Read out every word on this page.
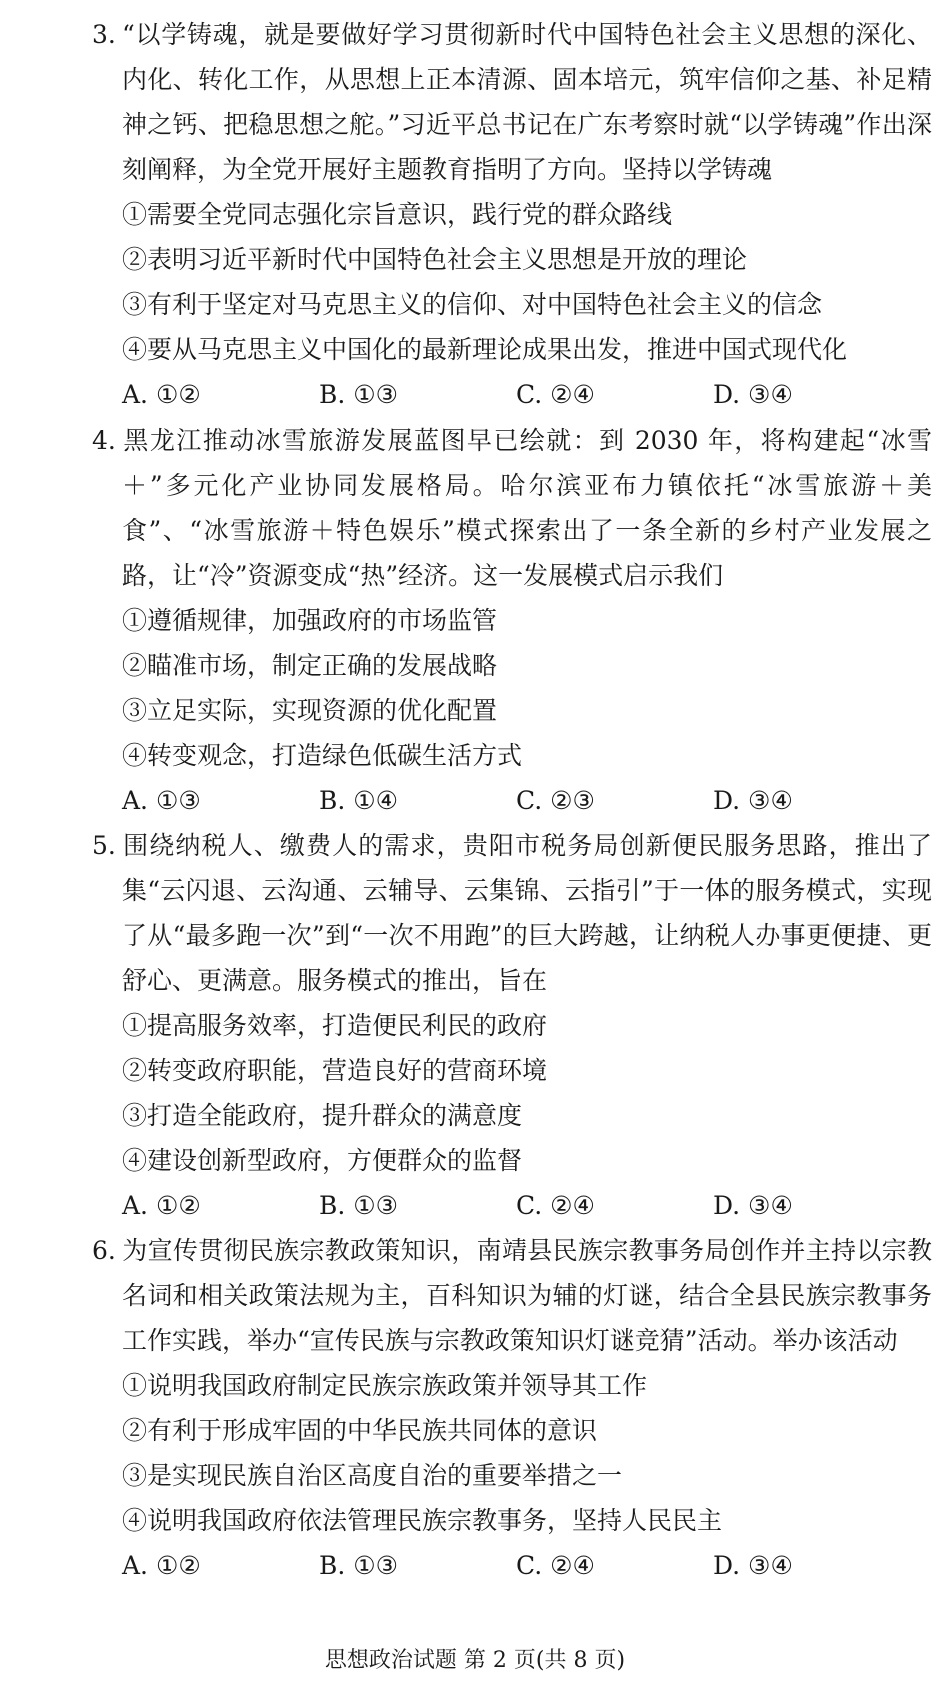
3. “以学铸魂，就是要做好学习贯彻新时代中国特色社会主义思想的深化、内化、转化工作，从思想上正本清源、固本培元，筑牢信仰之基、补足精神之钙、把稳思想之舵。”习近平总书记在广东考察时就“以学铸魂”作出深刻阐释，为全党开展好主题教育指明了方向。坚持以学铸魂

①需要全党同志强化宗旨意识，践行党的群众路线

②表明习近平新时代中国特色社会主义思想是开放的理论

③有利于坚定对马克思主义的信仰、对中国特色社会主义的信念

④要从马克思主义中国化的最新理论成果出发，推进中国式现代化

A. ①②	B. ①③	C. ②④	D. ③④

4. 黑龙江推动冰雪旅游发展蓝图早已绘就：到 2030 年，将构建起“冰雪＋”多元化产业协同发展格局。哈尔滨亚布力镇依托“冰雪旅游＋美食”、“冰雪旅游＋特色娱乐”模式探索出了一条全新的乡村产业发展之路，让“冷”资源变成“热”经济。这一发展模式启示我们

①遵循规律，加强政府的市场监管

②瞄准市场，制定正确的发展战略

③立足实际，实现资源的优化配置

④转变观念，打造绿色低碳生活方式

A. ①③	B. ①④	C. ②③	D. ③④

5. 围绕纳税人、缴费人的需求，贵阳市税务局创新便民服务思路，推出了集“云闪退、云沟通、云辅导、云集锦、云指引”于一体的服务模式，实现了从“最多跑一次”到“一次不用跑”的巨大跨越，让纳税人办事更便捷、更舒心、更满意。服务模式的推出，旨在

①提高服务效率，打造便民利民的政府

②转变政府职能，营造良好的营商环境

③打造全能政府，提升群众的满意度

④建设创新型政府，方便群众的监督

A. ①②	B. ①③	C. ②④	D. ③④

6. 为宣传贯彻民族宗教政策知识，南靖县民族宗教事务局创作并主持以宗教名词和相关政策法规为主，百科知识为辅的灯谜，结合全县民族宗教事务工作实践，举办“宣传民族与宗教政策知识灯谜竞猜”活动。举办该活动

①说明我国政府制定民族宗族政策并领导其工作

②有利于形成牢固的中华民族共同体的意识

③是实现民族自治区高度自治的重要举措之一

④说明我国政府依法管理民族宗教事务，坚持人民民主

A. ①②	B. ①③	C. ②④	D. ③④
思想政治试题 第 2 页(共 8 页)
